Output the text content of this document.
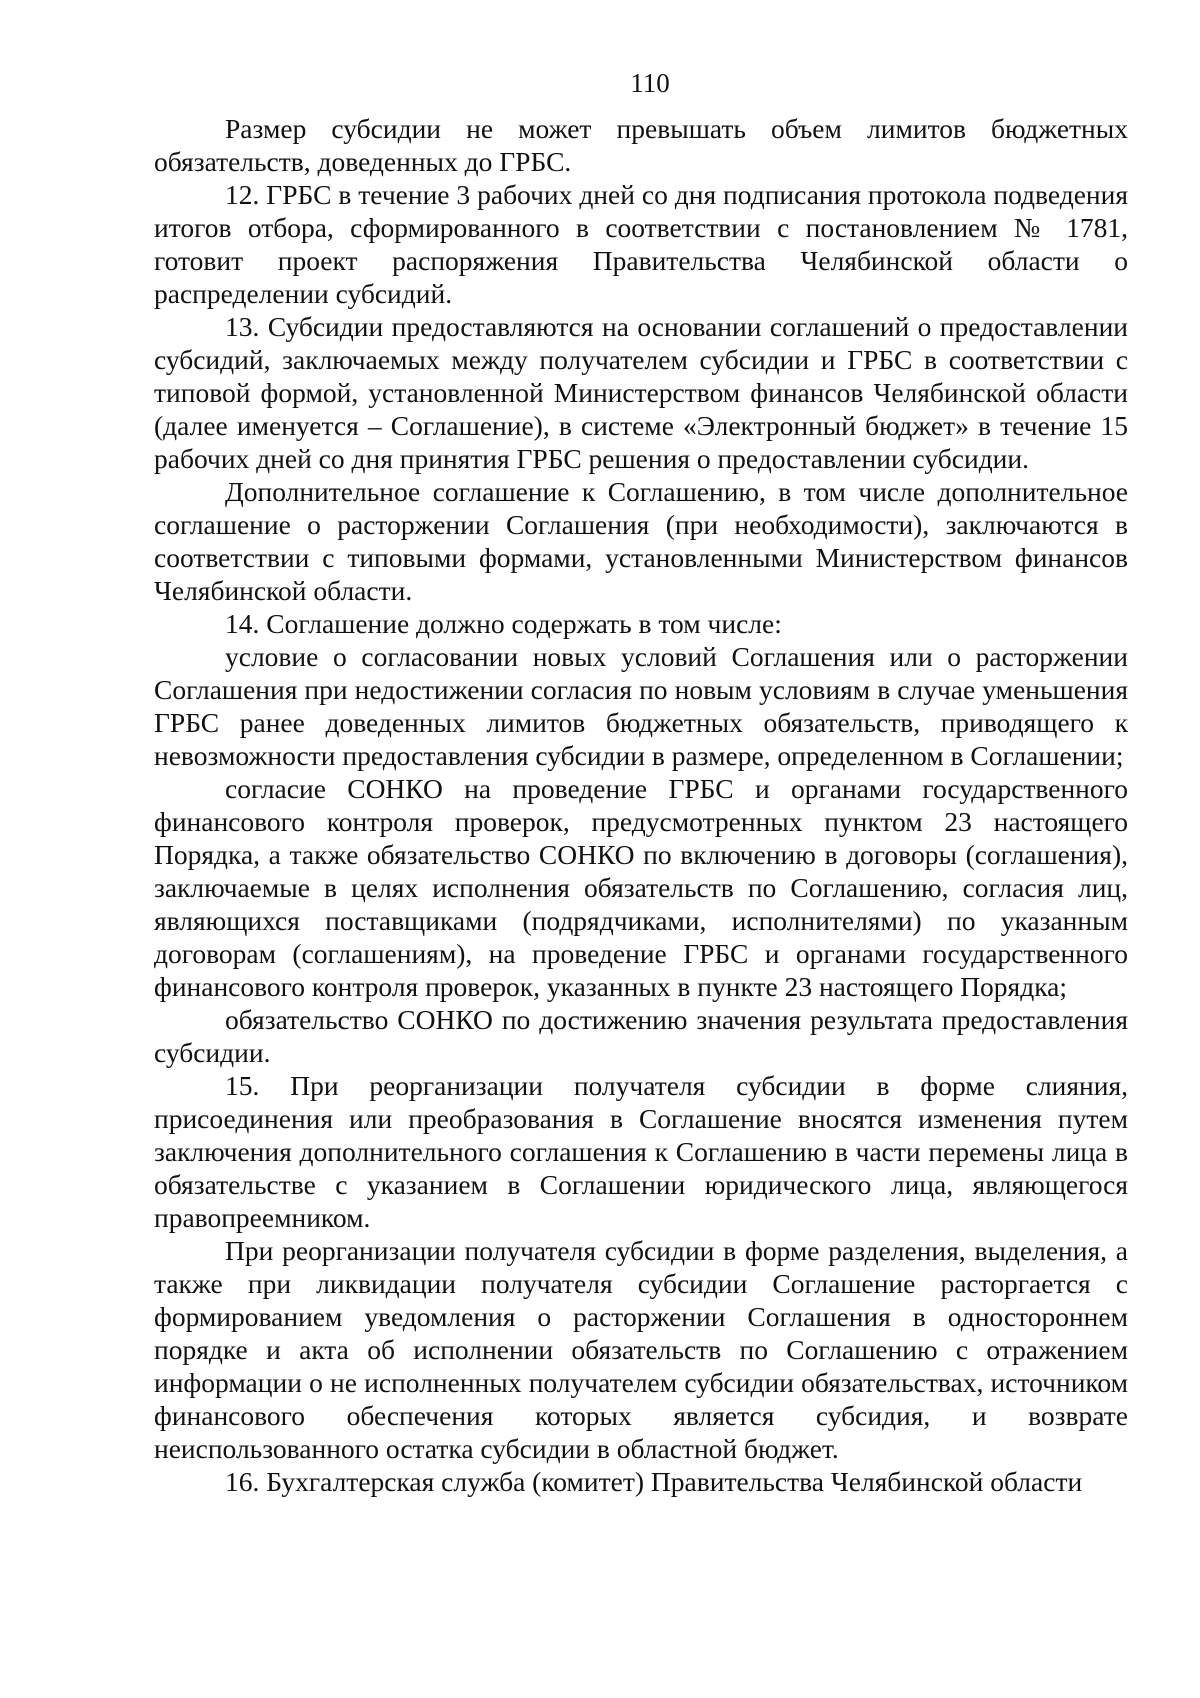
110

Размер субсидии не может превышать объем лимитов бюджетных обязательств, доведенных до ГРБС.

12. ГРБС в течение 3 рабочих дней со дня подписания протокола подведения итогов отбора, сформированного в соответствии с постановлением № 1781, готовит проект распоряжения Правительства Челябинской области о распределении субсидий.

13. Субсидии предоставляются на основании соглашений о предоставлении субсидий, заключаемых между получателем субсидии и ГРБС в соответствии с типовой формой, установленной Министерством финансов Челябинской области (далее именуется – Соглашение), в системе «Электронный бюджет» в течение 15 рабочих дней со дня принятия ГРБС решения о предоставлении субсидии.

Дополнительное соглашение к Соглашению, в том числе дополнительное соглашение о расторжении Соглашения (при необходимости), заключаются в соответствии с типовыми формами, установленными Министерством финансов Челябинской области.

14. Соглашение должно содержать в том числе:

условие о согласовании новых условий Соглашения или о расторжении Соглашения при недостижении согласия по новым условиям в случае уменьшения ГРБС ранее доведенных лимитов бюджетных обязательств, приводящего к невозможности предоставления субсидии в размере, определенном в Соглашении;

согласие СОНКО на проведение ГРБС и органами государственного финансового контроля проверок, предусмотренных пунктом 23 настоящего Порядка, а также обязательство СОНКО по включению в договоры (соглашения), заключаемые в целях исполнения обязательств по Соглашению, согласия лиц, являющихся поставщиками (подрядчиками, исполнителями) по указанным договорам (соглашениям), на проведение ГРБС и органами государственного финансового контроля проверок, указанных в пункте 23 настоящего Порядка;

обязательство СОНКО по достижению значения результата предоставления субсидии.

15. При реорганизации получателя субсидии в форме слияния, присоединения или преобразования в Соглашение вносятся изменения путем заключения дополнительного соглашения к Соглашению в части перемены лица в обязательстве с указанием в Соглашении юридического лица, являющегося правопреемником.

При реорганизации получателя субсидии в форме разделения, выделения, а также при ликвидации получателя субсидии Соглашение расторгается с формированием уведомления о расторжении Соглашения в одностороннем порядке и акта об исполнении обязательств по Соглашению с отражением информации о не исполненных получателем субсидии обязательствах, источником финансового обеспечения которых является субсидия, и возврате неиспользованного остатка субсидии в областной бюджет.

16. Бухгалтерская служба (комитет) Правительства Челябинской области
